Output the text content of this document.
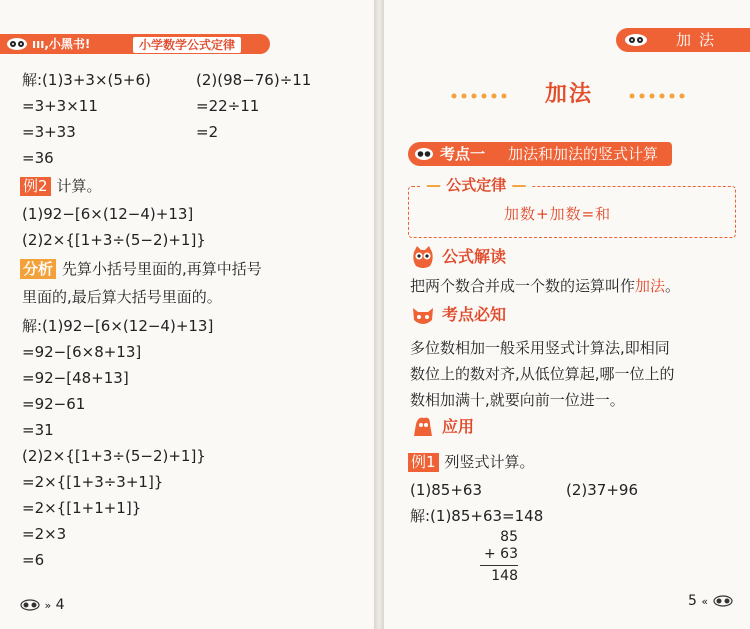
ııı,小黑书!	小学数学公式定律
解:(1)3+3×(5+6)	(2)(98−76)÷11
=3+3×11	=22÷11
=3+33	=2
=36
例2 计算。
(1)92−[6×(12−4)+13]
(2)2×{[1+3÷(5−2)+1]}
分析 先算小括号里面的,再算中括号
里面的,最后算大括号里面的。
解:(1)92−[6×(12−4)+13]
=92−[6×8+13]
=92−[48+13]
=92−61
=31
(2)2×{[1+3÷(5−2)+1]}
=2×{[1+3÷3+1]}
=2×{[1+1+1]}
=2×3
=6
» 4
加法
加法
考点一 加法和加法的竖式计算
— 公式定律 —
加数+加数=和
公式解读
把两个数合并成一个数的运算叫作加法。
考点必知
多位数相加一般采用竖式计算法,即相同
数位上的数对齐,从低位算起,哪一位上的
数相加满十,就要向前一位进一。
应用
例1 列竖式计算。
(1)85+63	(2)37+96
解:(1)85+63=148
85
+ 63
148
5 «
